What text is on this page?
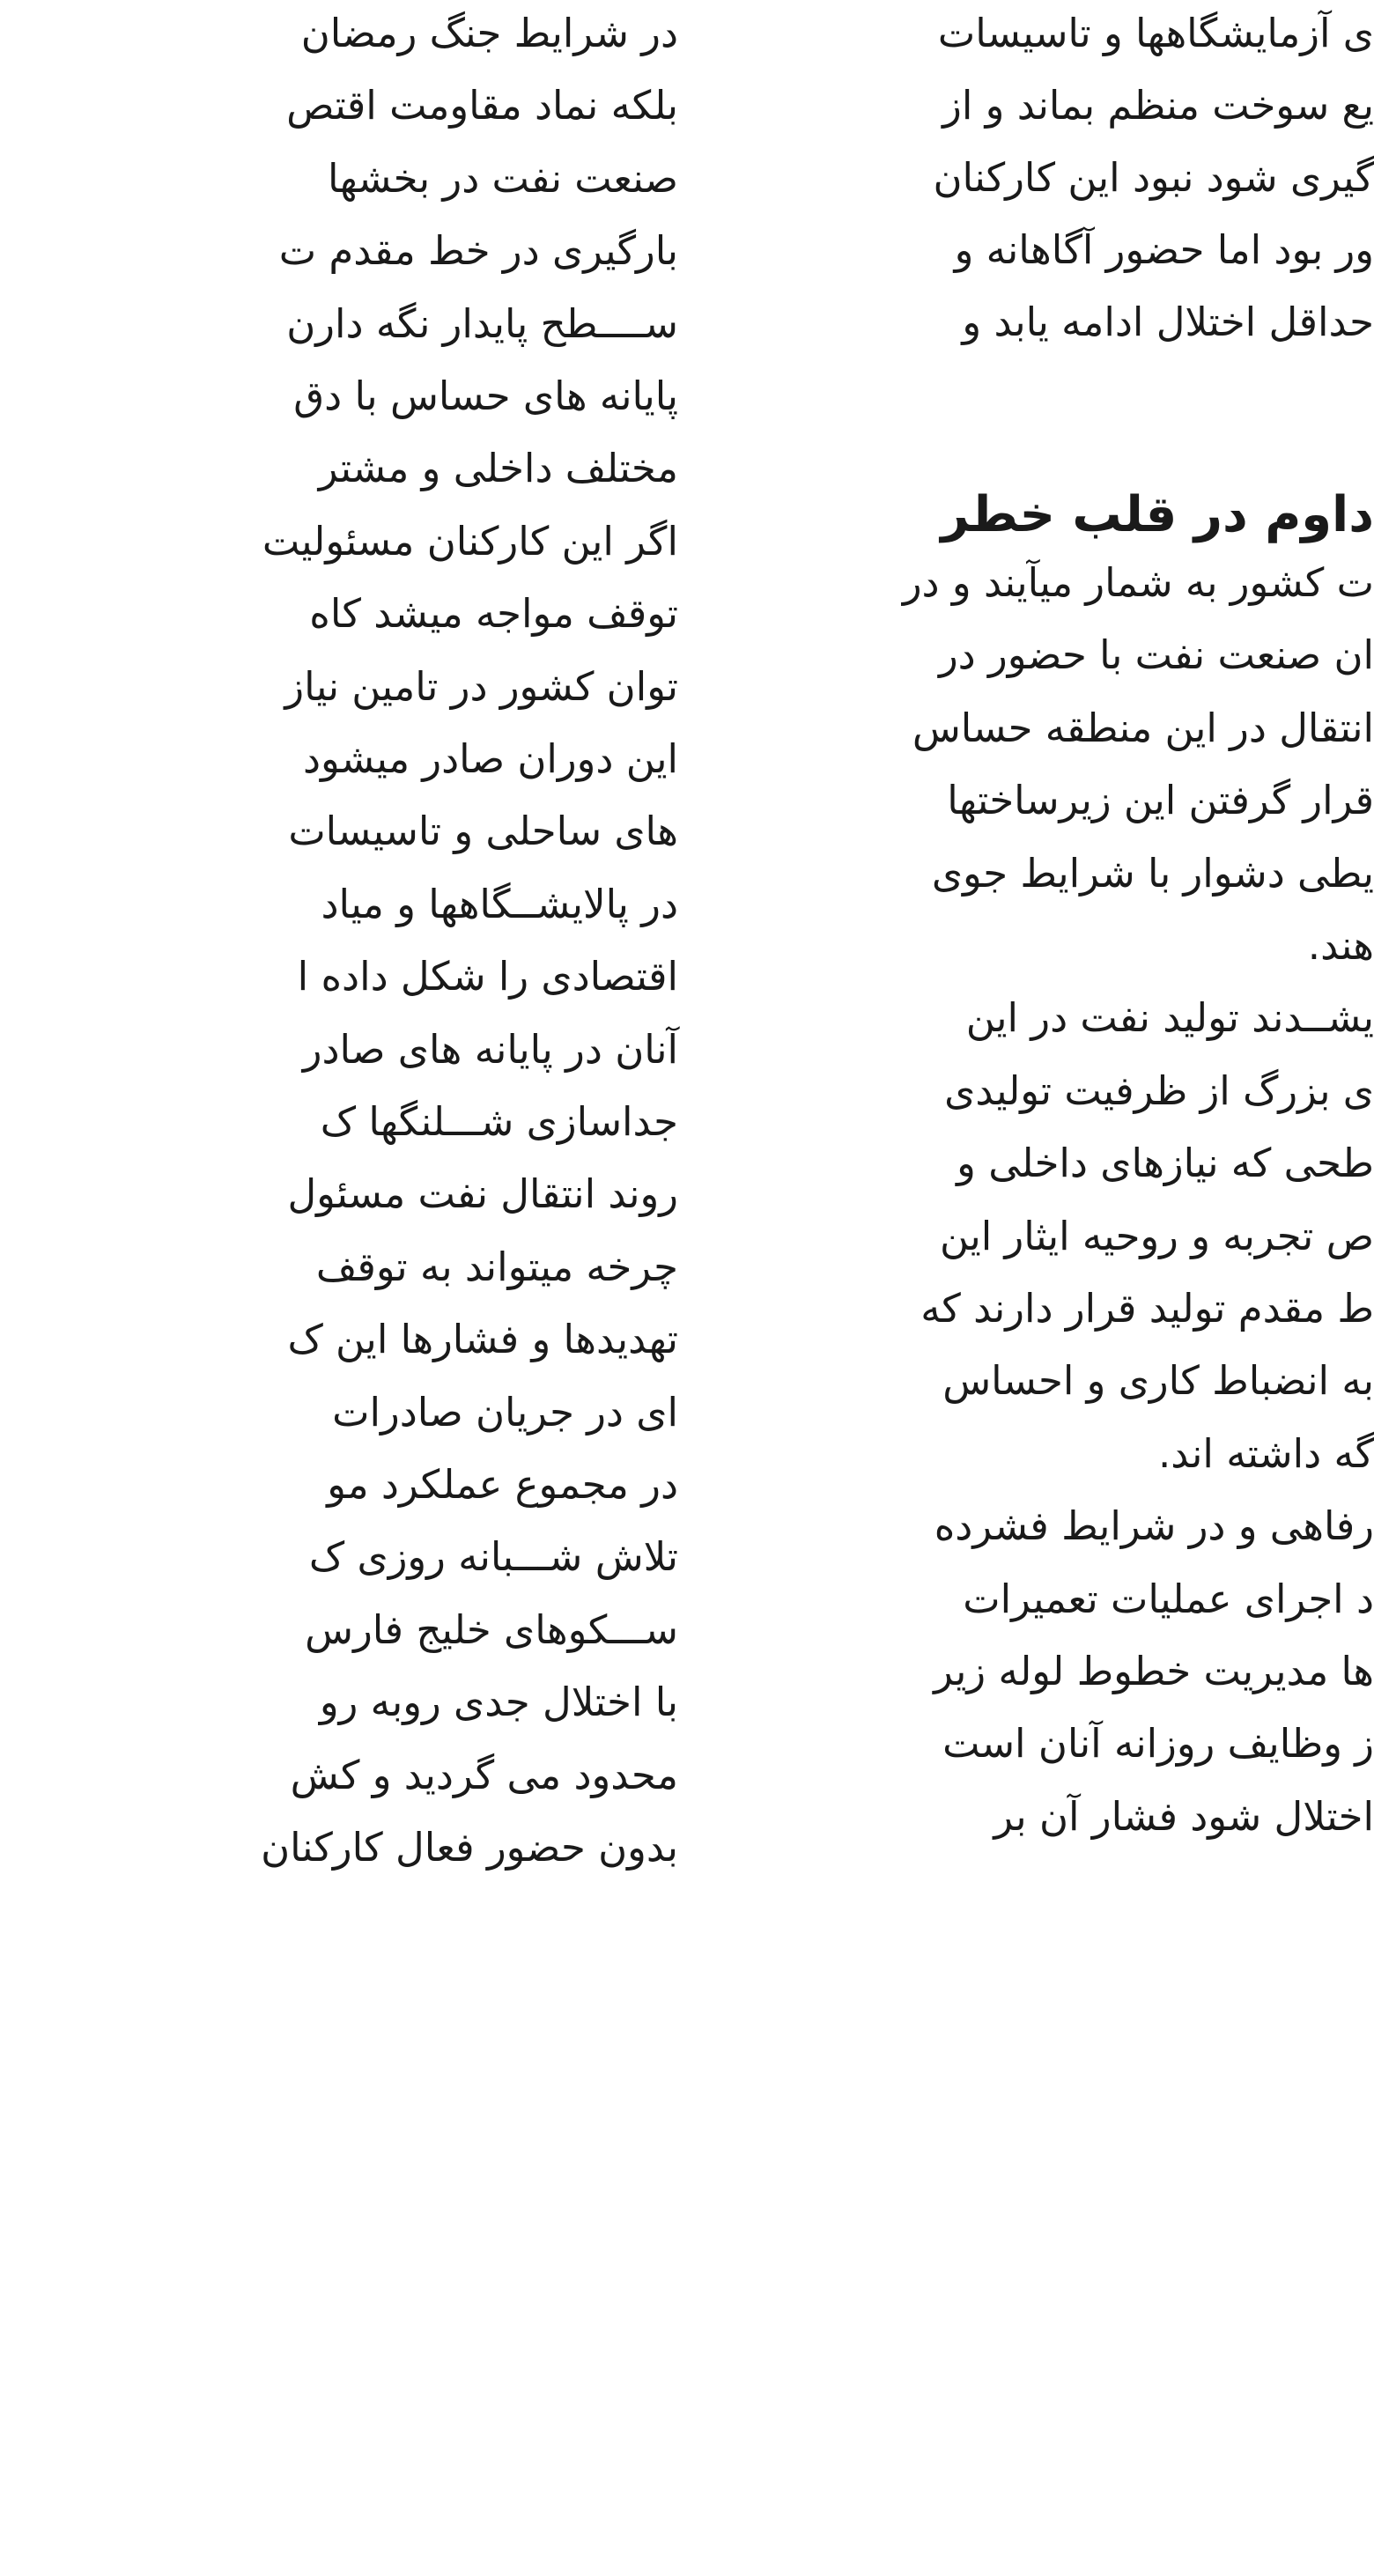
در شرایط جنگ رمضان
بلکه نماد مقاومت اقتص
صنعت نفت در بخشها
بارگیری در خط مقدم ت
ســــطح پایدار نگه دارن
پایانه های حساس با دق
مختلف داخلی و مشتر
اگر این کارکنان مسئولیت
توقف مواجه میشد کاه
توان کشور در تامین نیاز
این دوران صادر میشود
های ساحلی و تاسیسات
در پالایشــگاهها و میاد
اقتصادی را شکل داده ا
آنان در پایانه های صادر
جداسازی شـــلنگها ک
روند انتقال نفت مسئول
چرخه میتواند به توقف
تهدیدها و فشارها این ک
ای در جریان صادرات
در مجموع عملکرد مو
تلاش شـــبانه روزی ک
ســـکوهای خلیج فارس
با اختلال جدی روبه رو
محدود می گردید و کش
بدون حضور فعال کارکنان
ی آزمایشگاهها و تاسیسات
یع سوخت منظم بماند و از
گیری شود نبود این کارکنان
ور بود اما حضور آگاهانه و
حداقل اختلال ادامه یابد و
داوم در قلب خطر
ت کشور به شمار میآیند و در
ان صنعت نفت با حضور در
انتقال در این منطقه حساس
قرار گرفتن این زیرساختها
یطی دشوار با شرایط جوی
هند.
یشــدند تولید نفت در این
ی بزرگ از ظرفیت تولیدی
طحی که نیازهای داخلی و
ص تجربه و روحیه ایثار این
ط مقدم تولید قرار دارند که
به انضباط کاری و احساس
گه داشته اند.
رفاهی و در شرایط فشرده
د اجرای عملیات تعمیرات
ها مدیریت خطوط لوله زیر
ز وظایف روزانه آنان است
اختلال شود فشار آن بر
